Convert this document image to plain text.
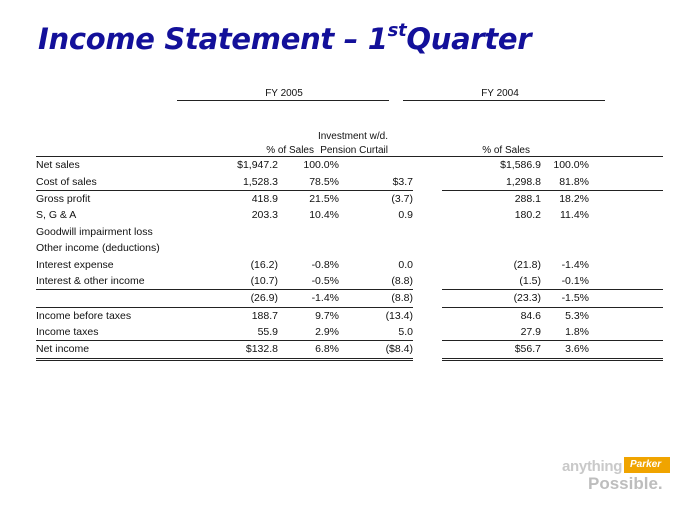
Income Statement – 1stQuarter
FY 2005	FY 2004
Investment w/d.
% of Sales Pension Curtail	% of Sales
Net sales	$1,947.2	100.0%			$1,586.9	100.0%	
Cost of sales	1,528.3	78.5%	$3.7		1,298.8	81.8%	
Gross profit	418.9	21.5%	(3.7)		288.1	18.2%	
S, G & A	203.3	10.4%	0.9		180.2	11.4%	
Goodwill impairment loss							
Other income (deductions)							
Interest expense	(16.2)	-0.8%	0.0		(21.8)	-1.4%	
Interest & other income	(10.7)	-0.5%	(8.8)		(1.5)	-0.1%	
	(26.9)	-1.4%	(8.8)		(23.3)	-1.5%	
Income before taxes	188.7	9.7%	(13.4)		84.6	5.3%	
Income taxes	55.9	2.9%	5.0		27.9	1.8%	
Net income	$132.8	6.8%	($8.4)		$56.7	3.6%	
anything Parker
Possible.
